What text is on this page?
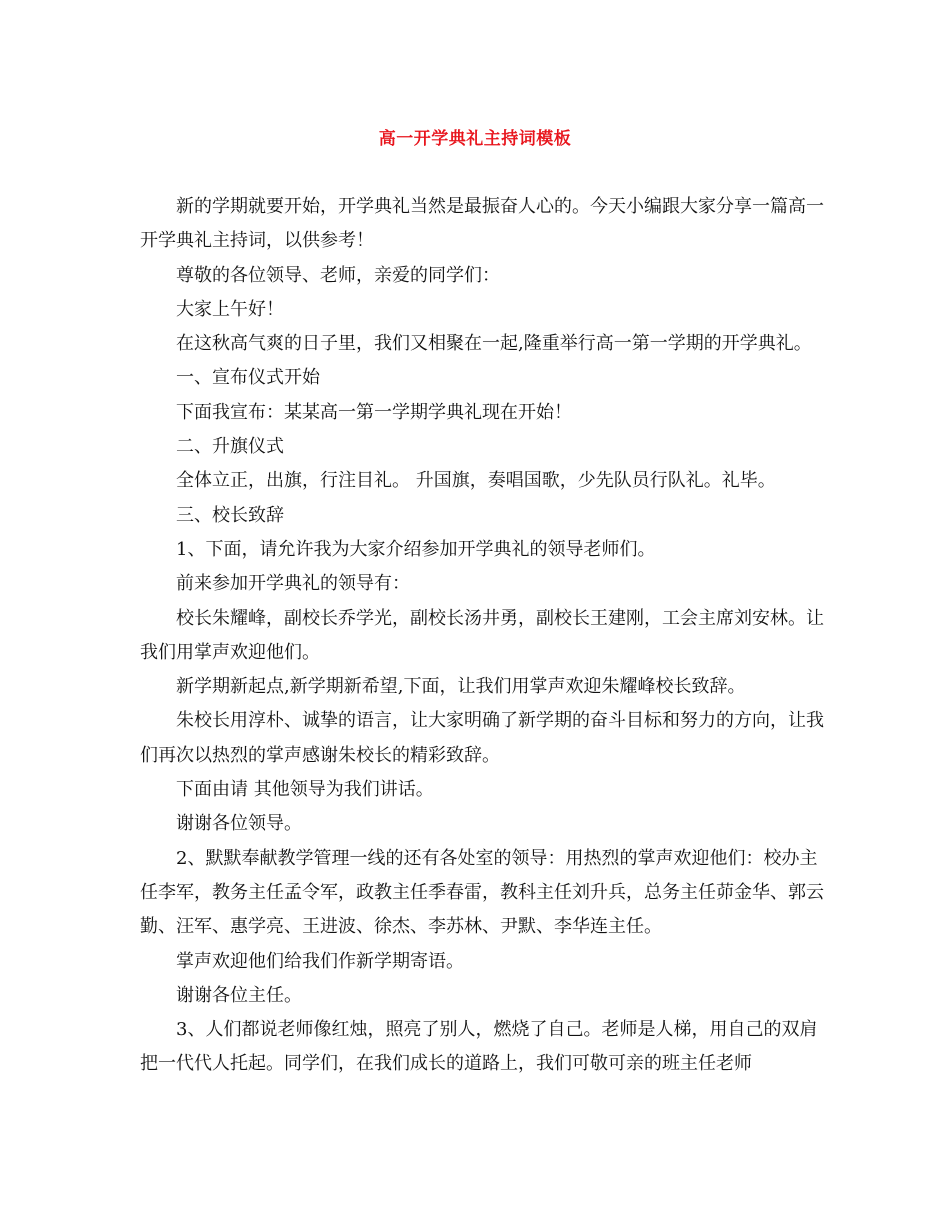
高一开学典礼主持词模板

新的学期就要开始，开学典礼当然是最振奋人心的。今天小编跟大家分享一篇高一开学典礼主持词，以供参考！

尊敬的各位领导、老师，亲爱的同学们：

大家上午好！

在这秋高气爽的日子里，我们又相聚在一起,隆重举行高一第一学期的开学典礼。

一、宣布仪式开始

下面我宣布：某某高一第一学期学典礼现在开始！

二、升旗仪式

全体立正，出旗，行注目礼。 升国旗，奏唱国歌，少先队员行队礼。礼毕。

三、校长致辞

1、下面，请允许我为大家介绍参加开学典礼的领导老师们。

前来参加开学典礼的领导有：

校长朱耀峰，副校长乔学光，副校长汤井勇，副校长王建刚，工会主席刘安林。让我们用掌声欢迎他们。

新学期新起点,新学期新希望,下面，让我们用掌声欢迎朱耀峰校长致辞。

朱校长用淳朴、诚挚的语言，让大家明确了新学期的奋斗目标和努力的方向，让我们再次以热烈的掌声感谢朱校长的精彩致辞。

下面由请 其他领导为我们讲话。

谢谢各位领导。

2、默默奉献教学管理一线的还有各处室的领导：用热烈的掌声欢迎他们：校办主任李军，教务主任孟令军，政教主任季春雷，教科主任刘升兵，总务主任茆金华、郭云勤、汪军、惠学亮、王进波、徐杰、李苏林、尹默、李华连主任。

掌声欢迎他们给我们作新学期寄语。

谢谢各位主任。

3、人们都说老师像红烛，照亮了别人，燃烧了自己。老师是人梯，用自己的双肩把一代代人托起。同学们，在我们成长的道路上，我们可敬可亲的班主任老师
